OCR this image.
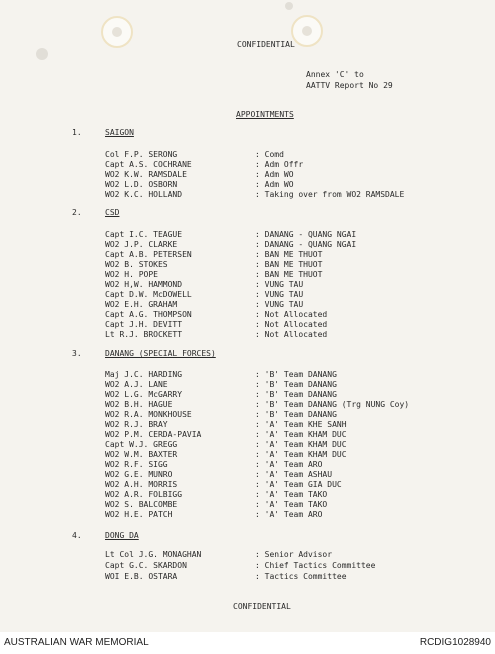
CONFIDENTIAL
Annex 'C' to
AATTV Report No 29
APPOINTMENTS
1.	SAIGON
Col F.P. SERONG	: Comd
Capt A.S. COCHRANE	: Adm Offr
WO2 K.W. RAMSDALE	: Adm WO
WO2 L.D. OSBORN	: Adm WO
WO2 K.C. HOLLAND	: Taking over from WO2 RAMSDALE
2.	CSD
Capt I.C. TEAGUE	: DANANG - QUANG NGAI
WO2 J.P. CLARKE	: DANANG - QUANG NGAI
Capt A.B. PETERSEN	: BAN ME THUOT
WO2 B. STOKES	: BAN ME THUOT
WO2 H. POPE	: BAN ME THUOT
WO2 H,W. HAMMOND	: VUNG TAU
Capt D.W. McDOWELL	: VUNG TAU
WO2 E.H. GRAHAM	: VUNG TAU
Capt A.G. THOMPSON	: Not Allocated
Capt J.H. DEVITT	: Not Allocated
Lt R.J. BROCKETT	: Not Allocated
3.	DANANG (SPECIAL FORCES)
Maj J.C. HARDING	: 'B' Team DANANG
WO2 A.J. LANE	: 'B' Team DANANG
WO2 L.G. McGARRY	: 'B' Team DANANG
WO2 B.H. HAGUE	: 'B' Team DANANG (Trg NUNG Coy)
WO2 R.A. MONKHOUSE	: 'B' Team DANANG
WO2 R.J. BRAY	: 'A' Team KHE SANH
WO2 P.M. CERDA-PAVIA	: 'A' Team KHAM DUC
Capt W.J. GREGG	: 'A' Team KHAM DUC
WO2 W.M. BAXTER	: 'A' Team KHAM DUC
WO2 R.F. SIGG	: 'A' Team ARO
WO2 G.E. MUNRO	: 'A' Team ASHAU
WO2 A.H. MORRIS	: 'A' Team GIA DUC
WO2 A.R. FOLBIGG	: 'A' Team TAKO
WO2 S. BALCOMBE	: 'A' Team TAKO
WO2 H.E. PATCH	: 'A' Team ARO
4.	DONG DA
Lt Col J.G. MONAGHAN	: Senior Advisor
Capt G.C. SKARDON	: Chief Tactics Committee
WOI E.B. OSTARA	: Tactics Committee
CONFIDENTIAL
AUSTRALIAN WAR MEMORIAL	RCDIG1028940
